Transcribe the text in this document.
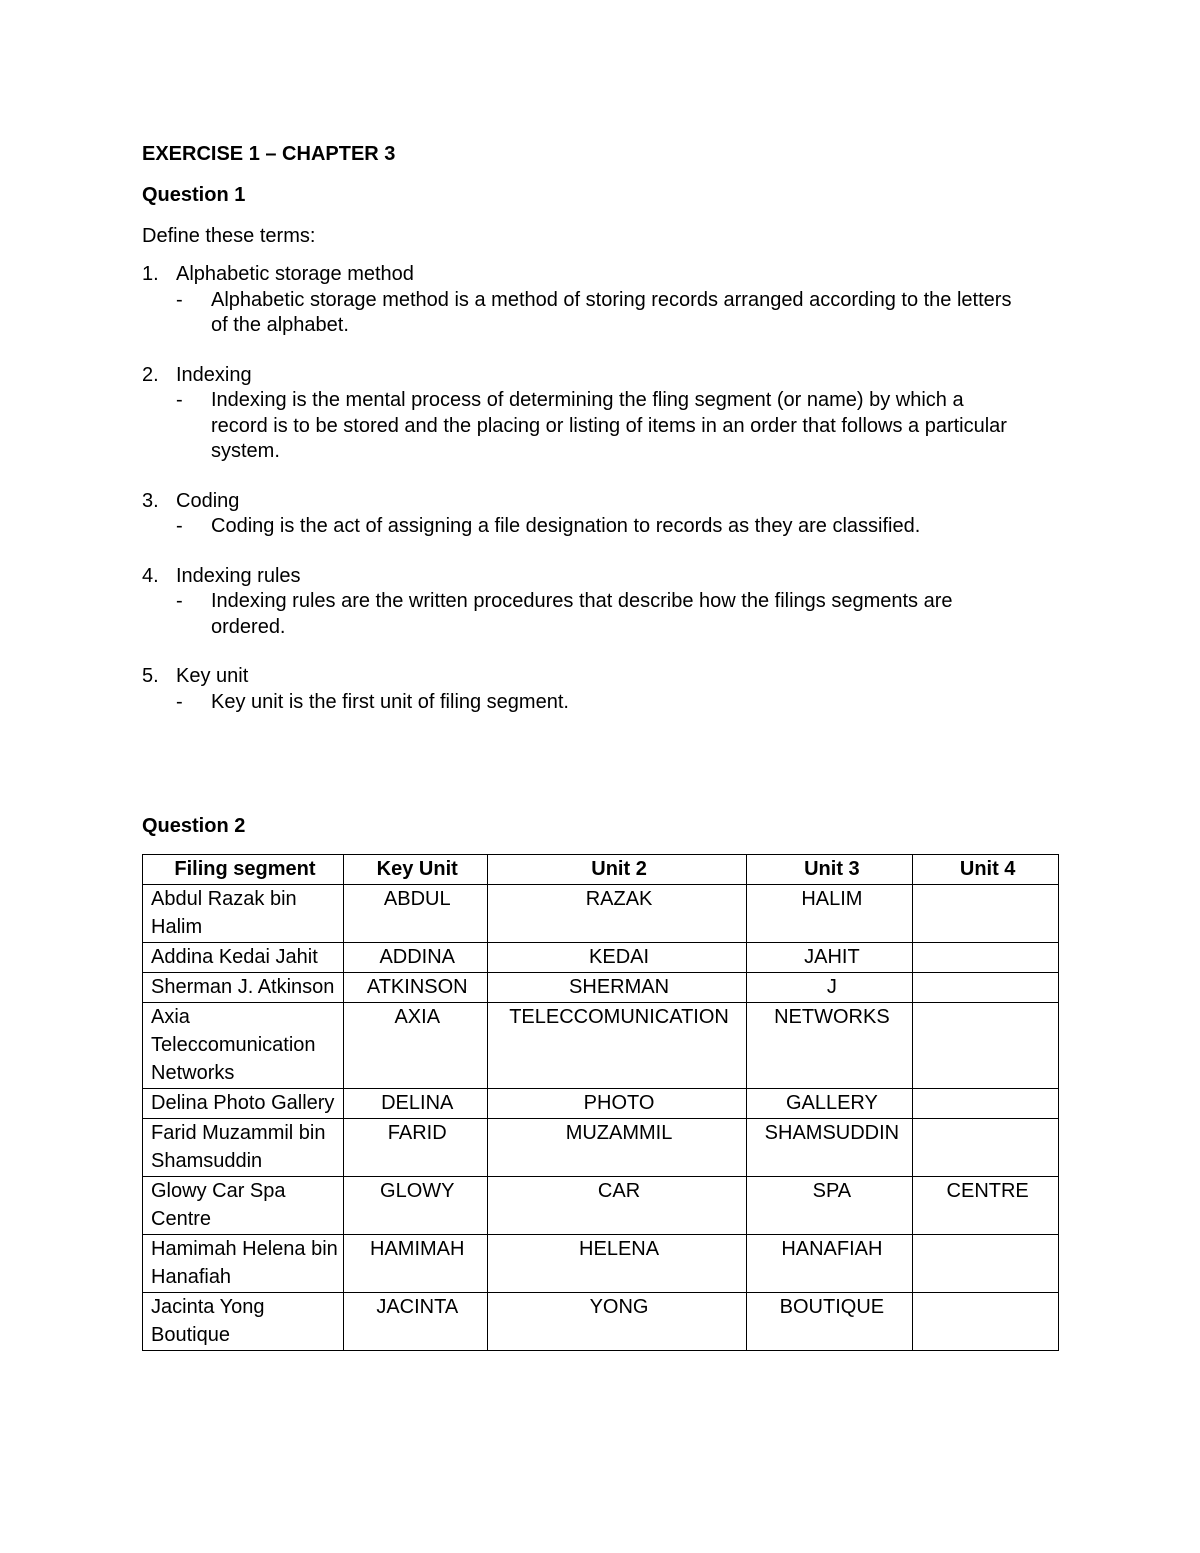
EXERCISE 1 – CHAPTER 3
Question 1
Define these terms:
1. Alphabetic storage method
-	Alphabetic storage method is a method of storing records arranged according to the letters of the alphabet.
2. Indexing
-	Indexing is the mental process of determining the fling segment (or name) by which a record is to be stored and the placing or listing of items in an order that follows a particular system.
3. Coding
-	Coding is the act of assigning a file designation to records as they are classified.
4. Indexing rules
-	Indexing rules are the written procedures that describe how the filings segments are ordered.
5. Key unit
-	Key unit is the first unit of filing segment.
Question 2
Filing segment	Key Unit	Unit 2	Unit 3	Unit 4
Abdul Razak bin Halim	ABDUL	RAZAK	HALIM	
Addina Kedai Jahit	ADDINA	KEDAI	JAHIT	
Sherman J. Atkinson	ATKINSON	SHERMAN	J	
Axia Teleccomunication Networks	AXIA	TELECCOMUNICATION	NETWORKS	
Delina Photo Gallery	DELINA	PHOTO	GALLERY	
Farid Muzammil bin Shamsuddin	FARID	MUZAMMIL	SHAMSUDDIN	
Glowy Car Spa Centre	GLOWY	CAR	SPA	CENTRE
Hamimah Helena bin Hanafiah	HAMIMAH	HELENA	HANAFIAH	
Jacinta Yong Boutique	JACINTA	YONG	BOUTIQUE	
